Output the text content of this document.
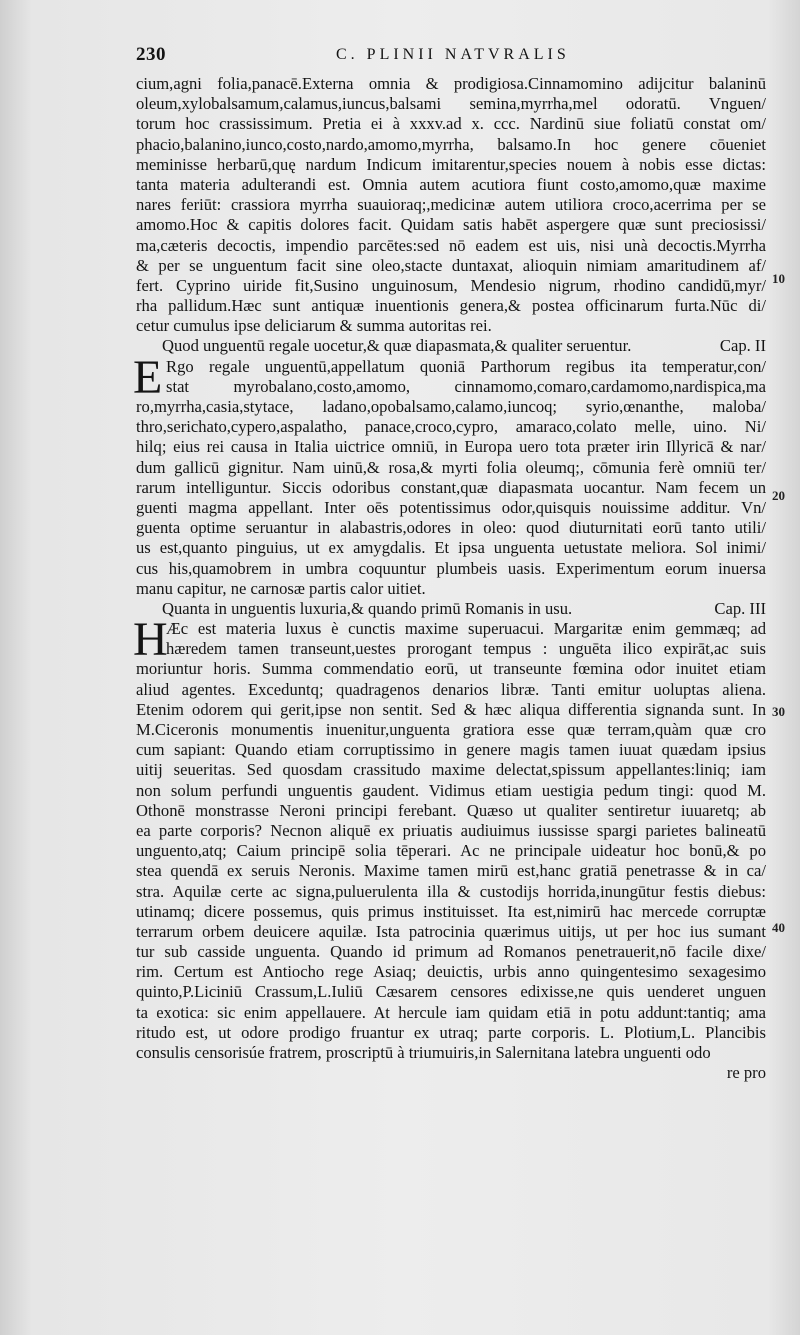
230	C. PLINII NATVRALIS
cium,agni folia,panacē.Externa omnia & prodigiosa.Cinnamomino adijcitur balaninū
oleum,xylobalsamum,calamus,iuncus,balsami semina,myrrha,mel odoratū. Vnguen/
torum hoc crassissimum. Pretia ei à xxxv.ad x. ccc. Nardinū siue foliatū constat om/
phacio,balanino,iunco,costo,nardo,amomo,myrrha, balsamo.In hoc genere cōueniet
meminisse herbarū,quę nardum Indicum imitarentur,species nouem à nobis esse dictas:
tanta materia adulterandi est. Omnia autem acutiora fiunt costo,amomo,quæ maxime
nares feriūt: crassiora myrrha suauioraq;,medicinæ autem utiliora croco,acerrima per se
amomo.Hoc & capitis dolores facit. Quidam satis habēt aspergere quæ sunt preciosissi/
ma,cæteris decoctis, impendio parcētes:sed nō eadem est uis, nisi unà decoctis.Myrrha
& per se unguentum facit sine oleo,stacte duntaxat, alioquin nimiam amaritudinem af/
fert. Cyprino uiride fit,Susino unguinosum, Mendesio nigrum, rhodino candidū,myr/
rha pallidum.Hæc sunt antiquæ inuentionis genera,& postea officinarum furta.Nūc di/
cetur cumulus ipse deliciarum & summa autoritas rei.
Quod unguentū regale uocetur,& quæ diapasmata,& qualiter seruentur.	Cap. II
E Rgo regale unguentū,appellatum quoniā Parthorum regibus ita temperatur,con/
stat myrobalano,costo,amomo, cinnamomo,comaro,cardamomo,nardispica,ma
ro,myrrha,casia,stytace, ladano,opobalsamo,calamo,iuncoq; syrio,œnanthe, maloba/
thro,serichato,cypero,aspalatho, panace,croco,cypro, amaraco,colato melle, uino. Ni/
hilq; eius rei causa in Italia uictrice omniū, in Europa uero tota præter irin Illyricā & nar/
dum gallicū gignitur. Nam uinū,& rosa,& myrti folia oleumq;, cōmunia ferè omniū ter/
rarum intelliguntur. Siccis odoribus constant,quæ diapasmata uocantur. Nam fecem un
guenti magma appellant. Inter oēs potentissimus odor,quisquis nouissime additur. Vn/
guenta optime seruantur in alabastris,odores in oleo: quod diuturnitati eorū tanto utili/
us est,quanto pinguius, ut ex amygdalis. Et ipsa unguenta uetustate meliora. Sol inimi/
cus his,quamobrem in umbra coquuntur plumbeis uasis. Experimentum eorum inuersa
manu capitur, ne carnosæ partis calor uitiet.
Quanta in unguentis luxuria,& quando primū Romanis in usu.	Cap. III
H
Æc est materia luxus è cunctis maxime superuacui. Margaritæ enim gemmæq; ad
hæredem tamen transeunt,uestes prorogant tempus : unguēta ilico expirāt,ac suis
moriuntur horis. Summa commendatio eorū, ut transeunte fœmina odor inuitet etiam
aliud agentes. Exceduntq; quadragenos denarios libræ. Tanti emitur uoluptas aliena.
Etenim odorem qui gerit,ipse non sentit. Sed & hæc aliqua differentia signanda sunt. In
M.Ciceronis monumentis inuenitur,unguenta gratiora esse quæ terram,quàm quæ cro
cum sapiant: Quando etiam corruptissimo in genere magis tamen iuuat quædam ipsius
uitij seueritas. Sed quosdam crassitudo maxime delectat,spissum appellantes:liniq; iam
non solum perfundi unguentis gaudent. Vidimus etiam uestigia pedum tingi: quod M.
Othonē monstrasse Neroni principi ferebant. Quæso ut qualiter sentiretur iuuaretq; ab
ea parte corporis? Necnon aliquē ex priuatis audiuimus iussisse spargi parietes balineatū
unguento,atq; Caium principē solia tēperari. Ac ne principale uideatur hoc bonū,& po
stea quendā ex seruis Neronis. Maxime tamen mirū est,hanc gratiā penetrasse & in ca/
stra. Aquilæ certe ac signa,puluerulenta illa & custodijs horrida,inungūtur festis diebus:
utinamq; dicere possemus, quis primus instituisset. Ita est,nimirū hac mercede corruptæ
terrarum orbem deuicere aquilæ. Ista patrocinia quærimus uitijs, ut per hoc ius sumant
tur sub casside unguenta. Quando id primum ad Romanos penetrauerit,nō facile dixe/
rim. Certum est Antiocho rege Asiaq; deuictis, urbis anno quingentesimo sexagesimo
quinto,P.Liciniū Crassum,L.Iuliū Cæsarem censores edixisse,ne quis uenderet unguen
ta exotica: sic enim appellauere. At hercule iam quidam etiā in potu addunt:tantiq; ama
ritudo est, ut odore prodigo fruantur ex utraq; parte corporis. L. Plotium,L. Plancibis
consulis censorisúe fratrem, proscriptū à triumuiris,in Salernitana latebra unguenti odo
re pro
10
20
30
40
